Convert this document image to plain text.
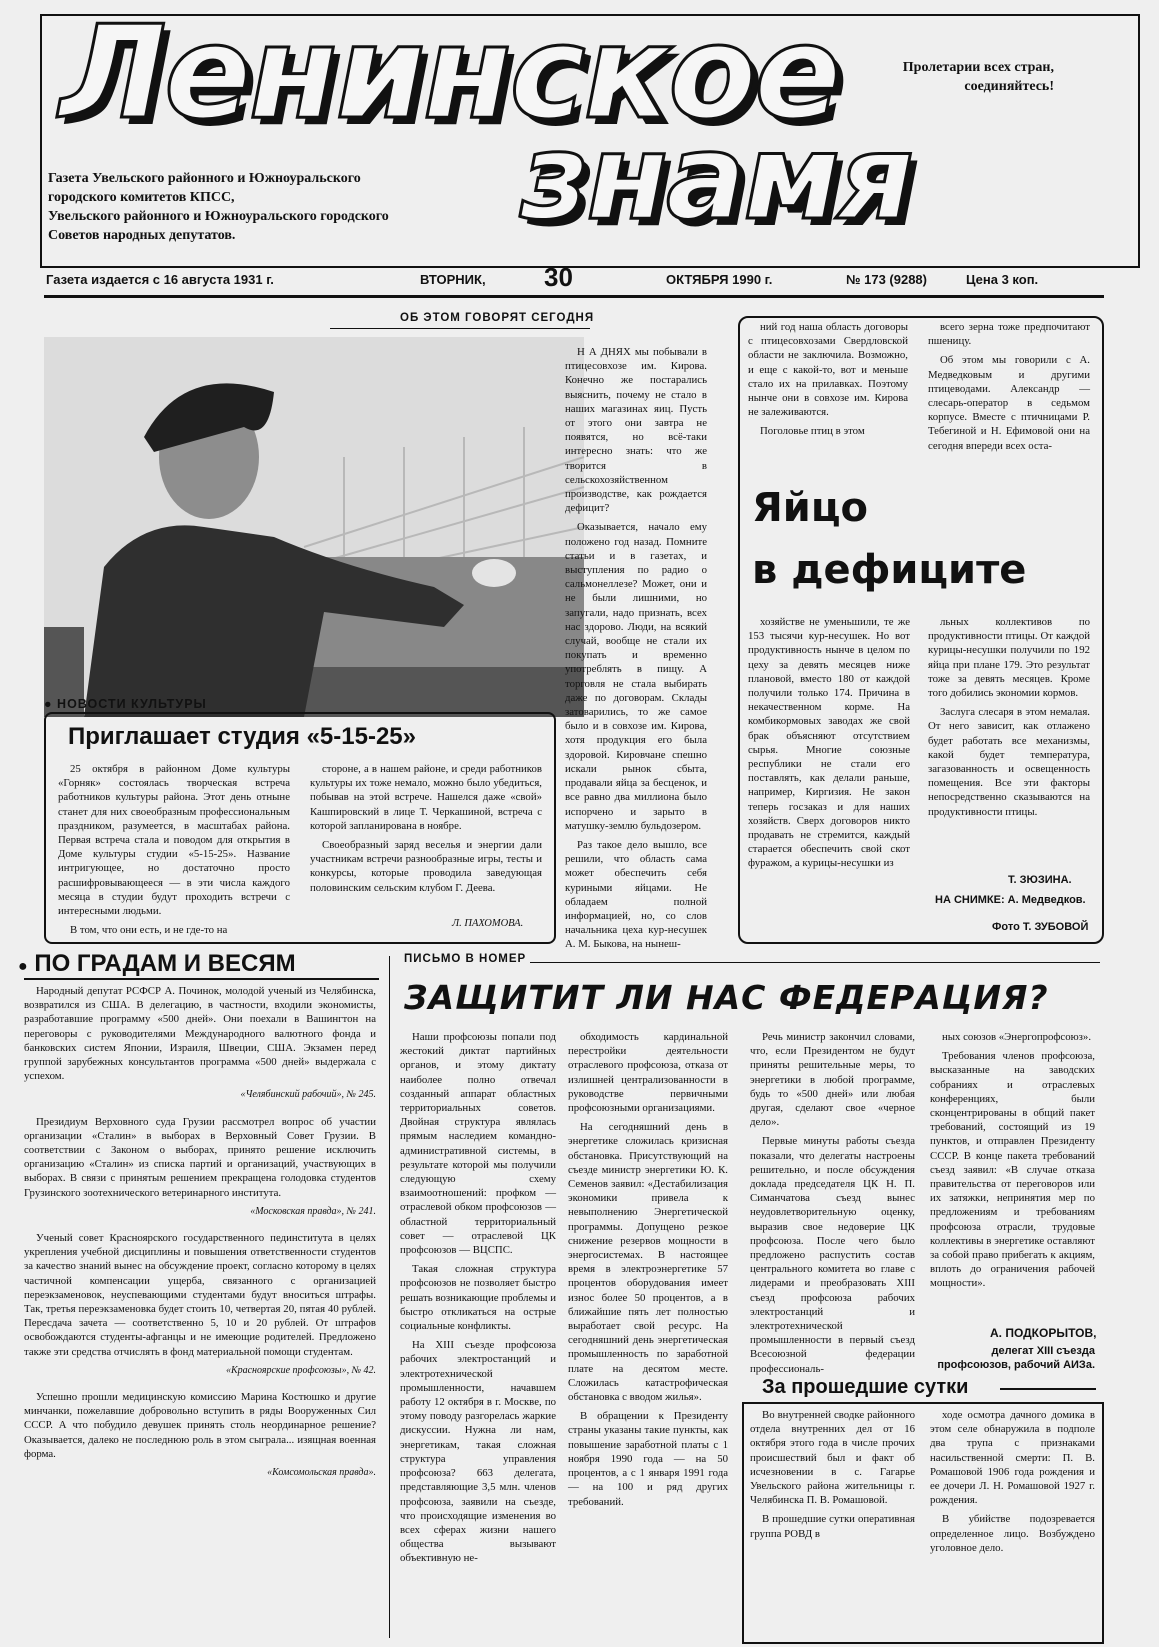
Ленинское
знамя
Пролетарии всех стран,
соединяйтесь!
Газета Увельского районного и Южноуральского
городского комитетов КПСС,
Увельского районного и Южноуральского городского
Советов народных депутатов.
Газета издается с 16 августа 1931 г.	ВТОРНИК, 30	ОКТЯБРЯ 1990 г.	№ 173 (9288)	Цена 3 коп.
ОБ ЭТОМ ГОВОРЯТ СЕГОДНЯ

Н А ДНЯХ мы побывали в птицесовхозе им. Кирова. Конечно же постарались выяснить, почему не стало в наших магазинах яиц. Пусть от этого они завтра не появятся, но всё-таки интересно знать: что же творится в сельскохозяйственном производстве, как рождается дефицит?

Оказывается, начало ему положено год назад. Помните статьи и в газетах, и выступления по радио о сальмонеллезе? Может, они и не были лишними, но запугали, надо признать, всех нас здорово. Люди, на всякий случай, вообще не стали их покупать и временно употреблять в пищу. А торговля не стала выбирать даже по договорам. Склады затоварились, то же самое было и в совхозе им. Кирова, хотя продукция его была здоровой. Кировчане спешно искали рынок сбыта, продавали яйца за бесценок, и все равно два миллиона было испорчено и зарыто в матушку-землю бульдозером.

Раз такое дело вышло, все решили, что область сама может обеспечить себя куриными яйцами. Не обладаем полной информацией, но, со слов начальника цеха кур-несушек А. М. Быкова, на нынеш-

ний год наша область договоры с птицесовхозами Свердловской области не заключила. Возможно, и еще с какой-то, вот и меньше стало их на прилавках. Поэтому нынче они в совхозе им. Кирова не залеживаются.

Поголовье птиц в этом

всего зерна тоже предпочитают пшеницу.

Об этом мы говорили с А. Медведковым и другими птицеводами. Александр — слесарь-оператор в седьмом корпусе. Вместе с птичницами Р. Тебегиной и Н. Ефимовой они на сегодня впереди всех оста-

Яйцо
в дефиците

хозяйстве не уменьшили, те же 153 тысячи кур-несушек. Но вот продуктивность нынче в целом по цеху за девять месяцев ниже плановой, вместо 180 от каждой получили только 174. Причина в некачественном корме. На комбикормовых заводах же свой брак объясняют отсутствием сырья. Многие союзные республики не стали его поставлять, как делали раньше, например, Киргизия. Не закон теперь госзаказ и для наших хозяйств. Сверх договоров никто продавать не стремится, каждый старается обеспечить свой скот фуражом, а курицы-несушки из

льных коллективов по продуктивности птицы. От каждой курицы-несушки получили по 192 яйца при плане 179. Это результат тоже за девять месяцев. Кроме того добились экономии кормов.

Заслуга слесаря в этом немалая. От него зависит, как отлажено будет работать все механизмы, какой будет температура, загазованность и освещенность помещения. Все эти факторы непосредственно сказываются на продуктивности птицы.

Т. ЗЮЗИНА.
НА СНИМКЕ: А. Медведков.
Фото Т. ЗУБОВОЙ
● НОВОСТИ КУЛЬТУРЫ
Приглашает студия «5-15-25»

25 октября в районном Доме культуры «Горняк» состоялась творческая встреча работников культуры района. Этот день отныне станет для них своеобразным профессиональным праздником, разумеется, в масштабах района. Первая встреча стала и поводом для открытия в Доме культуры студии «5-15-25». Название интригующее, но достаточно просто расшифровывающееся — в эти числа каждого месяца в студии будут проходить встречи с интересными людьми.

В том, что они есть, и не где-то на

стороне, а в нашем районе, и среди работников культуры их тоже немало, можно было убедиться, побывав на этой встрече. Нашелся даже «свой» Кашпировский в лице Т. Черкашиной, встреча с которой запланирована в ноябре.

Своеобразный заряд веселья и энергии дали участникам встречи разнообразные игры, тесты и конкурсы, которые проводила заведующая половинским сельским клубом Г. Деева.

Л. ПАХОМОВА.
● ПО ГРАДАМ И ВЕСЯМ

Народный депутат РСФСР А. Починок, молодой ученый из Челябинска, возвратился из США. В делегацию, в частности, входили экономисты, разработавшие программу «500 дней». Они поехали в Вашингтон на переговоры с руководителями Международного валютного фонда и банковских систем Японии, Израиля, Швеции, США. Экзамен перед группой зарубежных консультантов программа «500 дней» выдержала с успехом.

«Челябинский рабочий», № 245.

Президиум Верховного суда Грузии рассмотрел вопрос об участии организации «Сталин» в выборах в Верховный Совет Грузии. В соответствии с Законом о выборах, принято решение исключить организацию «Сталин» из списка партий и организаций, участвующих в выборах. В связи с принятым решением прекращена голодовка студентов Грузинского зоотехнического ветеринарного института.

«Московская правда», № 241.

Ученый совет Красноярского государственного пединститута в целях укрепления учебной дисциплины и повышения ответственности студентов за качество знаний вынес на обсуждение проект, согласно которому в целях частичной компенсации ущерба, связанного с организацией переэкзаменовок, неуспевающими студентами будут вноситься штрафы. Так, третья переэкзаменовка будет стоить 10, четвертая 20, пятая 40 рублей. Пересдача зачета — соответственно 5, 10 и 20 рублей. От штрафов освобождаются студенты-афганцы и не имеющие родителей. Предложено также эти средства отчислять в фонд материальной помощи студентам.

«Красноярские профсоюзы», № 42.

Успешно прошли медицинскую комиссию Марина Костюшко и другие минчанки, пожелавшие добровольно вступить в ряды Вооруженных Сил СССР. А что побудило девушек принять столь неординарное решение? Оказывается, далеко не последнюю роль в этом сыграла... изящная военная форма.

«Комсомольская правда».

ПИСЬМО В НОМЕР
ЗАЩИТИТ ЛИ НАС ФЕДЕРАЦИЯ?

Наши профсоюзы попали под жестокий диктат партийных органов, и этому диктату наиболее полно отвечал созданный аппарат областных территориальных советов. Двойная структура являлась прямым наследием командно-административной системы, в результате которой мы получили следующую схему взаимоотношений: профком — отраслевой обком профсоюзов — областной территориальный совет — отраслевой ЦК профсоюзов — ВЦСПС.

Такая сложная структура профсоюзов не позволяет быстро решать возникающие проблемы и быстро откликаться на острые социальные конфликты.

На XIII съезде профсоюза рабочих электростанций и электротехнической промышленности, начавшем работу 12 октября в г. Москве, по этому поводу разгорелась жаркие дискуссии. Нужна ли нам, энергетикам, такая сложная структура управления профсоюза? 663 делегата, представляющие 3,5 млн. членов профсоюза, заявили на съезде, что происходящие изменения во всех сферах жизни нашего общества вызывают объективную не-

обходимость кардинальной перестройки деятельности отраслевого профсоюза, отказа от излишней централизованности в руководстве первичными профсоюзными организациями.

На сегодняшний день в энергетике сложилась кризисная обстановка. Присутствующий на съезде министр энергетики Ю. К. Семенов заявил: «Дестабилизация экономики привела к невыполнению Энергетической программы. Допущено резкое снижение резервов мощности в энергосистемах. В настоящее время в электроэнергетике 57 процентов оборудования имеет износ более 50 процентов, а в ближайшие пять лет полностью выработает свой ресурс. На сегодняшний день энергетическая промышленность по заработной плате на десятом месте. Сложилась катастрофическая обстановка с вводом жилья».

В обращении к Президенту страны указаны такие пункты, как повышение заработной платы с 1 ноября 1990 года — на 50 процентов, а с 1 января 1991 года — на 100 и ряд других требований.

Речь министр закончил словами, что, если Президентом не будут приняты решительные меры, то энергетики в любой программе, будь то «500 дней» или любая другая, сделают свое «черное дело».

Первые минуты работы съезда показали, что делегаты настроены решительно, и после обсуждения доклада председателя ЦК Н. П. Симанчатова съезд вынес неудовлетворительную оценку, выразив свое недоверие ЦК профсоюза. После чего было предложено распустить состав центрального комитета во главе с лидерами и преобразовать XIII съезд профсоюза рабочих электростанций и электротехнической промышленности в первый съезд Всесоюзной федерации профессиональ-

ных союзов «Энергопрофсоюз».

Требования членов профсоюза, высказанные на заводских собраниях и отраслевых конференциях, были сконцентрированы в общий пакет требований, состоящий из 19 пунктов, и отправлен Президенту СССР. В конце пакета требований съезд заявил: «В случае отказа правительства от переговоров или их затяжки, непринятия мер по предложениям и требованиям профсоюза отрасли, трудовые коллективы в энергетике оставляют за собой право прибегать к акциям, вплоть до ограничения рабочей мощности».

А. ПОДКОРЫТОВ,
делегат XIII съезда профсоюзов, рабочий АИЗа.
За прошедшие сутки

Во внутренней сводке районного отдела внутренних дел от 16 октября этого года в числе прочих происшествий был и факт об исчезновении в с. Гагарье Увельского района жительницы г. Челябинска П. В. Ромашовой.

В прошедшие сутки оперативная группа РОВД в

ходе осмотра дачного домика в этом селе обнаружила в подполе два трупа с признаками насильственной смерти: П. В. Ромашовой 1906 года рождения и ее дочери Л. Н. Ромашовой 1927 г. рождения.

В убийстве подозревается определенное лицо. Возбуждено уголовное дело.
